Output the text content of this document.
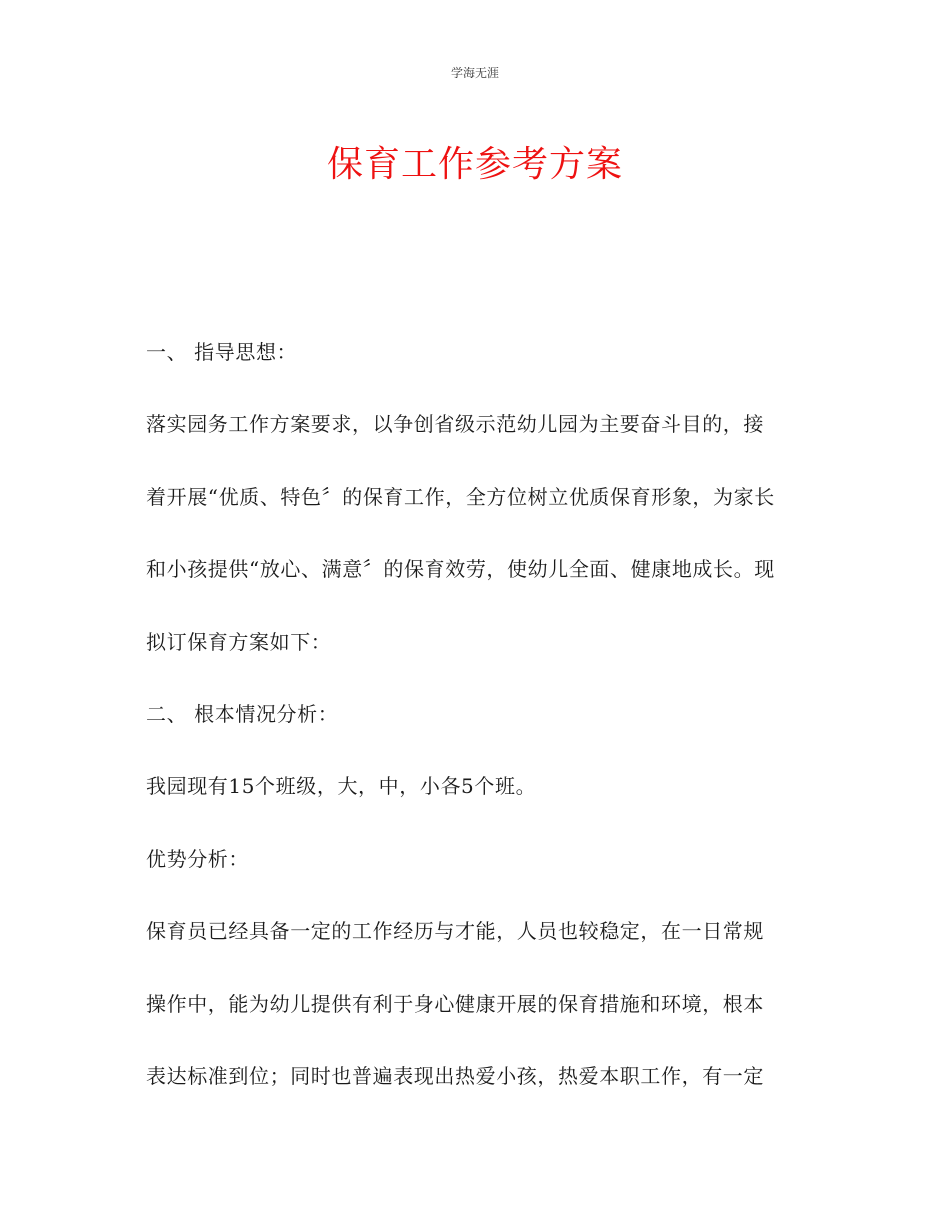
学海无涯
保育工作参考方案
一、 指导思想：
落实园务工作方案要求，以争创省级示范幼儿园为主要奋斗目的，接
着开展“优质、特色〞的保育工作，全方位树立优质保育形象，为家长
和小孩提供“放心、满意〞的保育效劳，使幼儿全面、健康地成长。现
拟订保育方案如下：
二、 根本情况分析：
我园现有15个班级，大，中，小各5个班。
优势分析：
保育员已经具备一定的工作经历与才能，人员也较稳定，在一日常规
操作中，能为幼儿提供有利于身心健康开展的保育措施和环境，根本
表达标准到位；同时也普遍表现出热爱小孩，热爱本职工作，有一定
